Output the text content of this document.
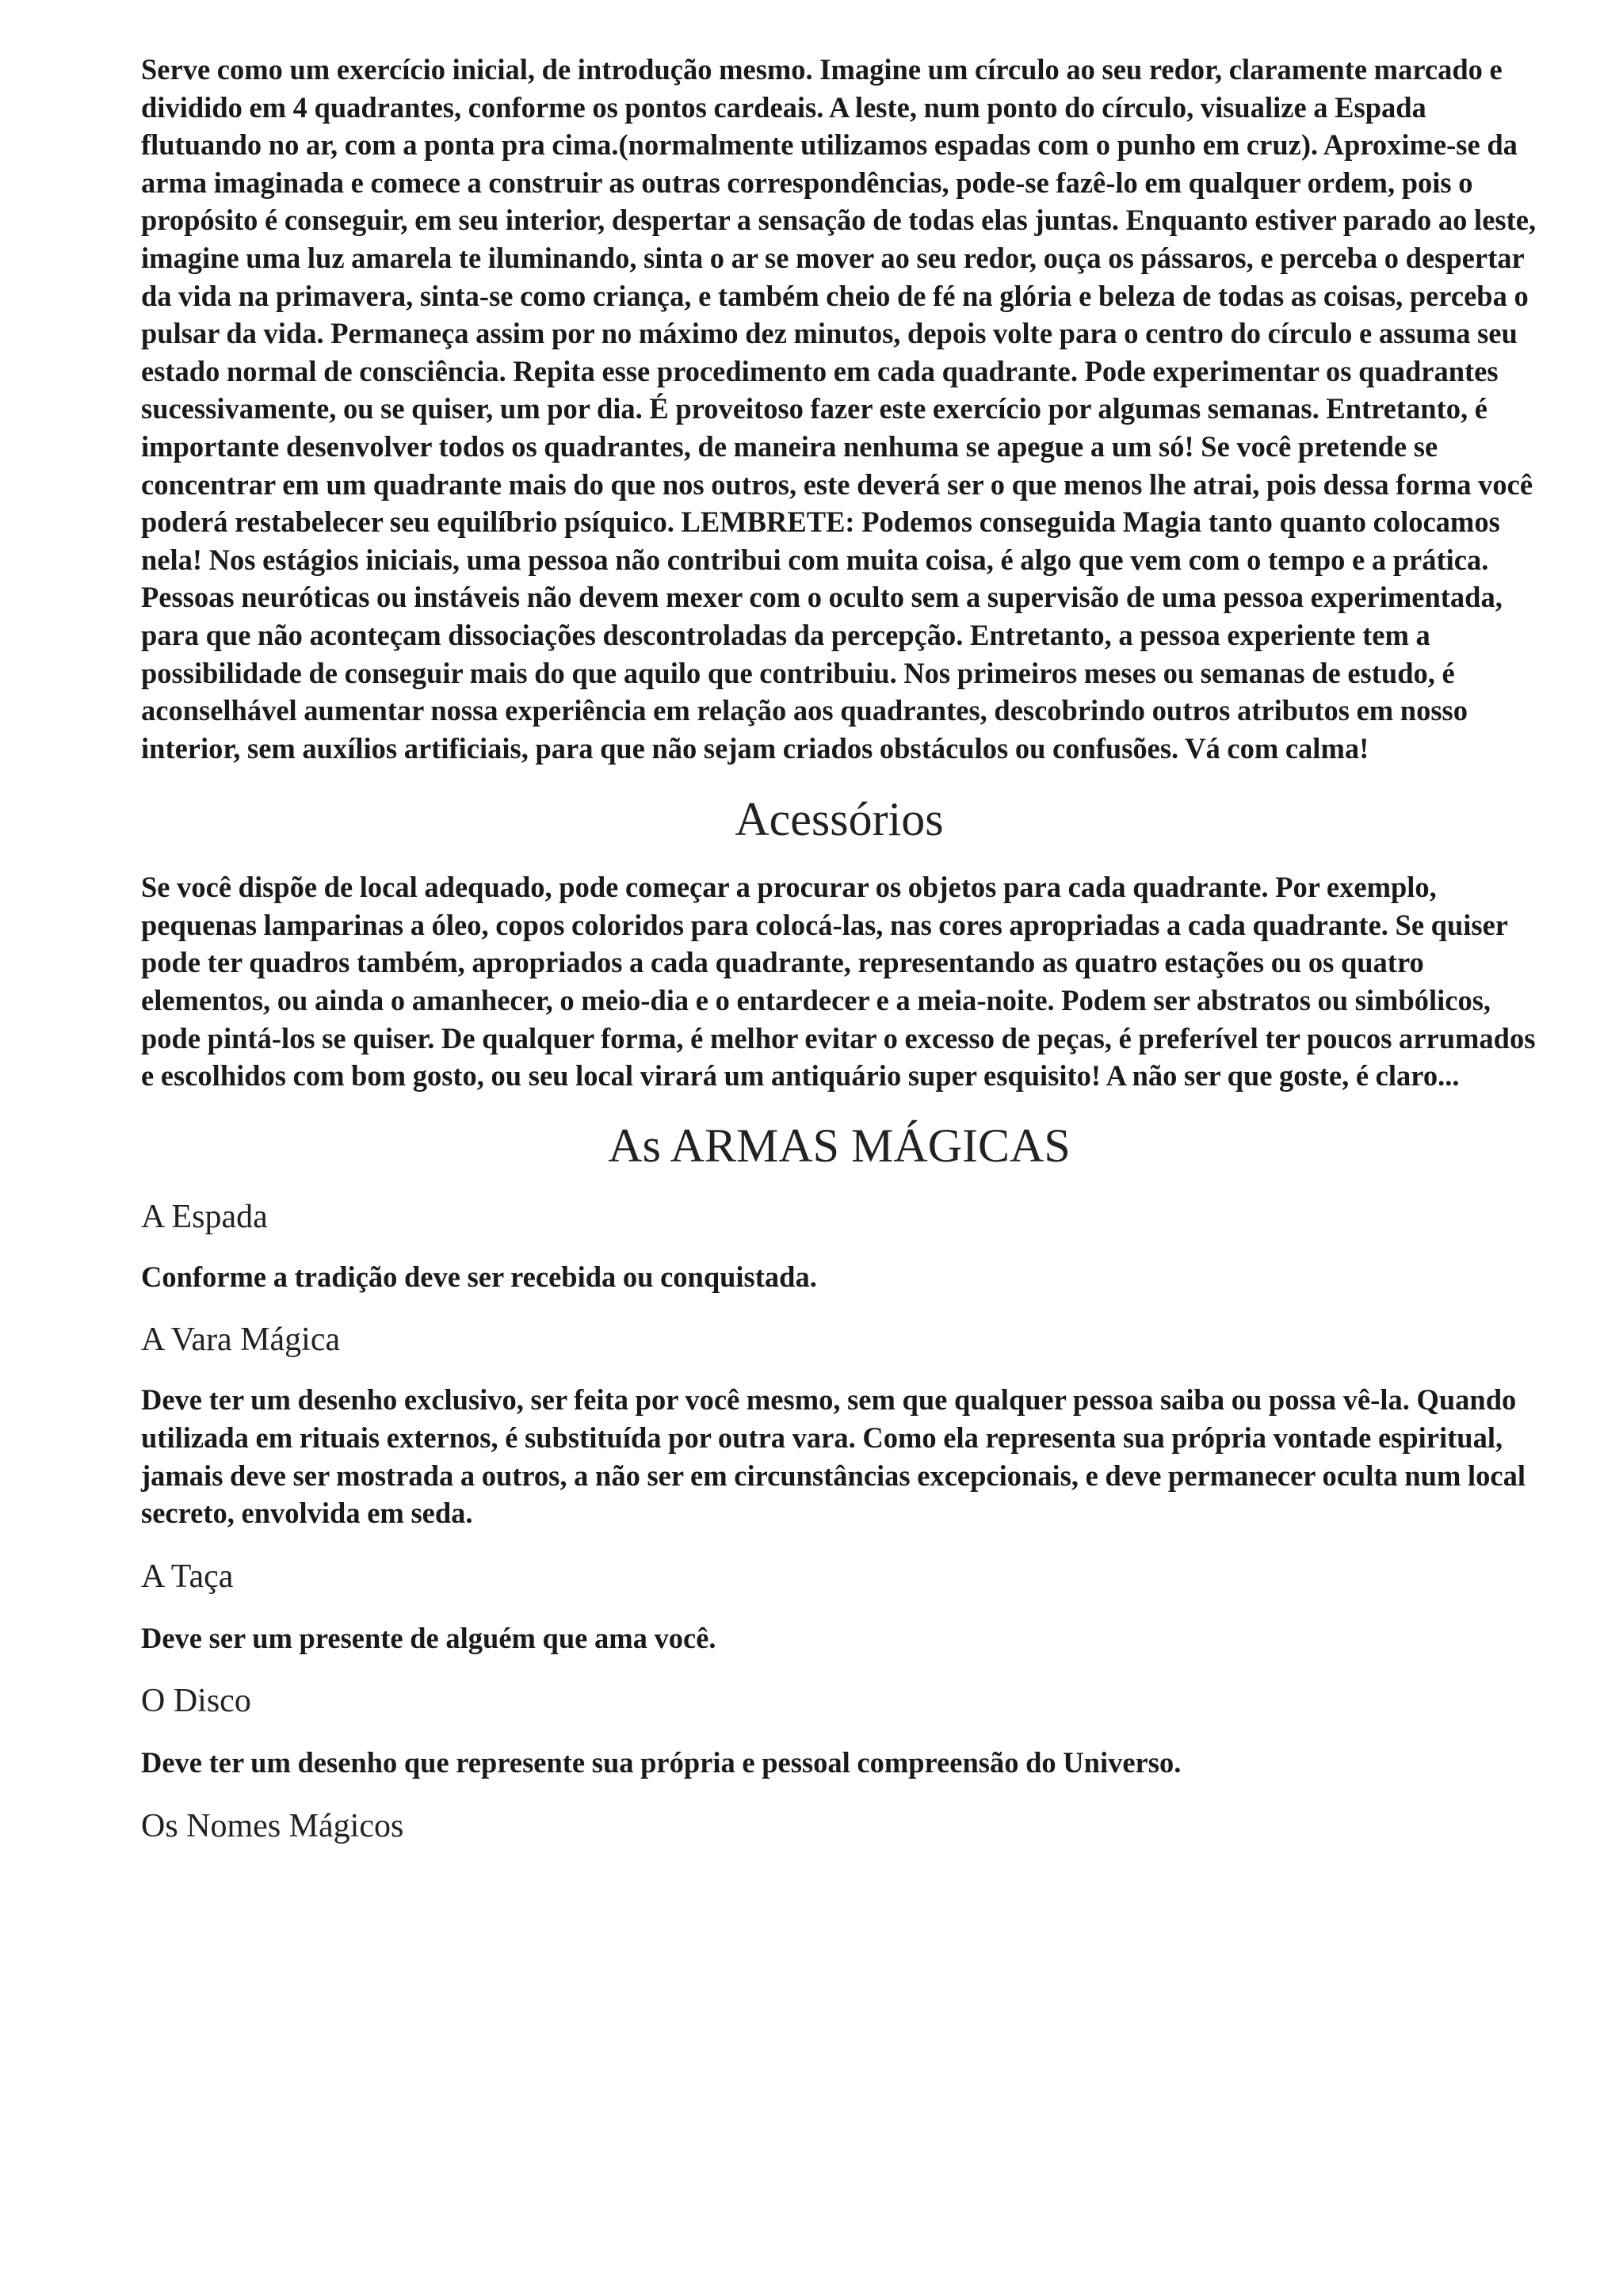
Serve como um exercício inicial, de introdução mesmo. Imagine um círculo ao seu redor, claramente marcado e dividido em 4 quadrantes, conforme os pontos cardeais. A leste, num ponto do círculo, visualize a Espada flutuando no ar, com a ponta pra cima.(normalmente utilizamos espadas com o punho em cruz). Aproxime-se da arma imaginada e comece a construir as outras correspondências, pode-se fazê-lo em qualquer ordem, pois o propósito é conseguir, em seu interior, despertar a sensação de todas elas juntas. Enquanto estiver parado ao leste, imagine uma luz amarela te iluminando, sinta o ar se mover ao seu redor, ouça os pássaros, e perceba o despertar da vida na primavera, sinta-se como criança, e também cheio de fé na glória e beleza de todas as coisas, perceba o pulsar da vida. Permaneça assim por no máximo dez minutos, depois volte para o centro do círculo e assuma seu estado normal de consciência. Repita esse procedimento em cada quadrante. Pode experimentar os quadrantes sucessivamente, ou se quiser, um por dia. É proveitoso fazer este exercício por algumas semanas. Entretanto, é importante desenvolver todos os quadrantes, de maneira nenhuma se apegue a um só! Se você pretende se concentrar em um quadrante mais do que nos outros, este deverá ser o que menos lhe atrai, pois dessa forma você poderá restabelecer seu equilíbrio psíquico. LEMBRETE: Podemos conseguida Magia tanto quanto colocamos nela! Nos estágios iniciais, uma pessoa não contribui com muita coisa, é algo que vem com o tempo e a prática. Pessoas neuróticas ou instáveis não devem mexer com o oculto sem a supervisão de uma pessoa experimentada, para que não aconteçam dissociações descontroladas da percepção. Entretanto, a pessoa experiente tem a possibilidade de conseguir mais do que aquilo que contribuiu. Nos primeiros meses ou semanas de estudo, é aconselhável aumentar nossa experiência em relação aos quadrantes, descobrindo outros atributos em nosso interior, sem auxílios artificiais, para que não sejam criados obstáculos ou confusões. Vá com calma!

Acessórios

Se você dispõe de local adequado, pode começar a procurar os objetos para cada quadrante. Por exemplo, pequenas lamparinas a óleo, copos coloridos para colocá-las, nas cores apropriadas a cada quadrante. Se quiser pode ter quadros também, apropriados a cada quadrante, representando as quatro estações ou os quatro elementos, ou ainda o amanhecer, o meio-dia e o entardecer e a meia-noite. Podem ser abstratos ou simbólicos, pode pintá-los se quiser. De qualquer forma, é melhor evitar o excesso de peças, é preferível ter poucos arrumados e escolhidos com bom gosto, ou seu local virará um antiquário super esquisito! A não ser que goste, é claro...

As ARMAS MÁGICAS
A Espada

Conforme a tradição deve ser recebida ou conquistada.

A Vara Mágica

Deve ter um desenho exclusivo, ser feita por você mesmo, sem que qualquer pessoa saiba ou possa vê-la. Quando utilizada em rituais externos, é substituída por outra vara. Como ela representa sua própria vontade espiritual, jamais deve ser mostrada a outros, a não ser em circunstâncias excepcionais, e deve permanecer oculta num local secreto, envolvida em seda.

A Taça

Deve ser um presente de alguém que ama você.

O Disco

Deve ter um desenho que represente sua própria e pessoal compreensão do Universo.

Os Nomes Mágicos
